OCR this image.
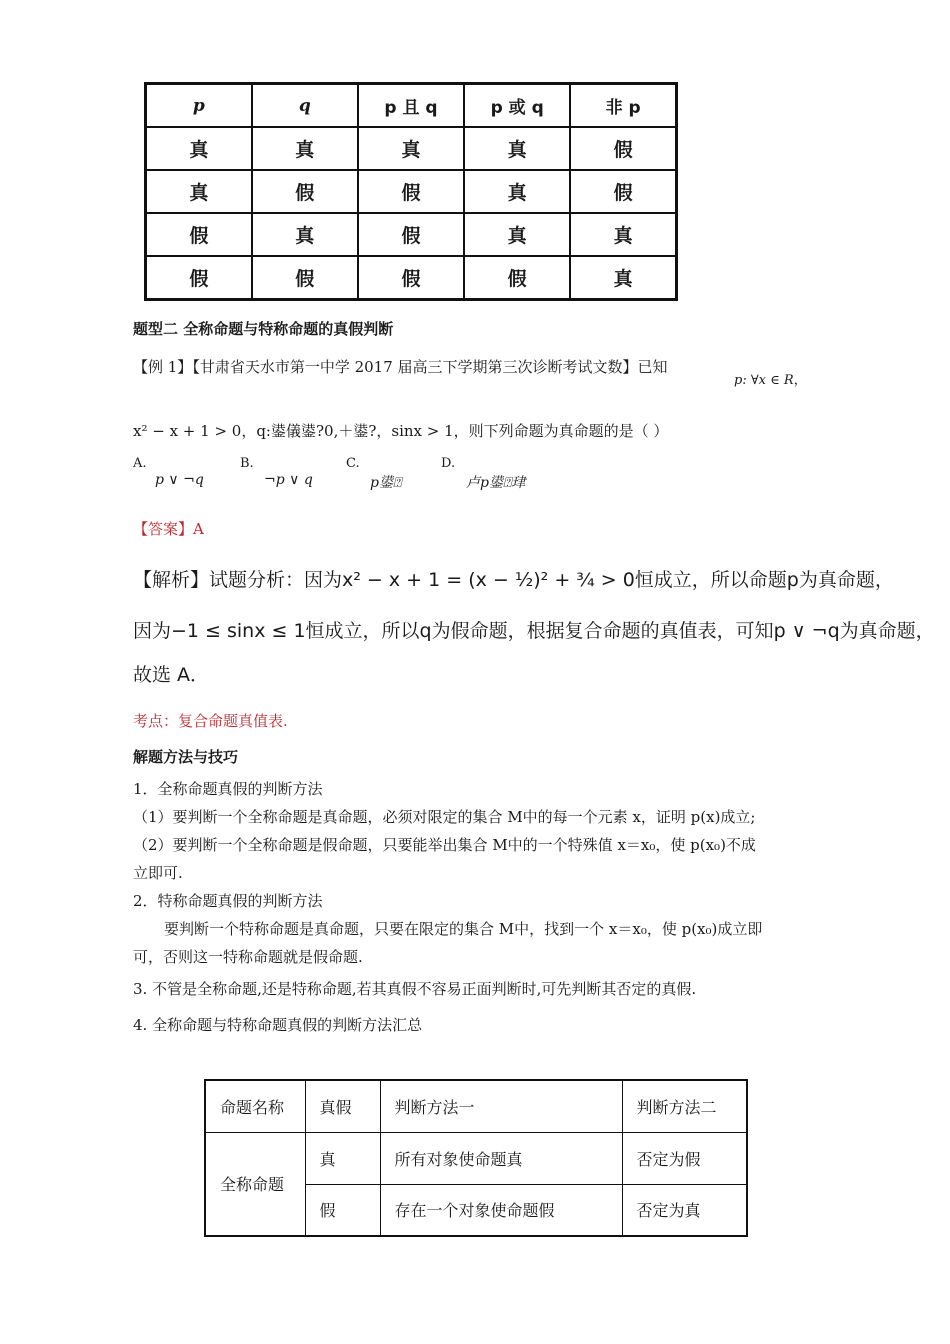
p	q	p 且 q	p 或 q	非 p
真	真	真	真	假
真	假	假	真	假
假	真	假	真	真
假	假	假	假	真
题型二 全称命题与特称命题的真假判断
【例 1】【甘肃省天水市第一中学 2017 届高三下学期第三次诊断考试文数】已知
p: ∀x ∈ R，
x² − x + 1 > 0，q:鍙儀鍙?0,＋鍙?，sinx > 1，则下列命题为真命题的是（ ）
A.	B.	C.	D.
p ∨ ¬q	¬p ∨ q	p鍙⍰	卢p鍙⍰珒
【答案】A
【解析】试题分析：因为x² − x + 1 = (x − ½)² + ¾ > 0恒成立，所以命题p为真命题，
因为−1 ≤ sinx ≤ 1恒成立，所以q为假命题，根据复合命题的真值表，可知p ∨ ¬q为真命题，
故选 A．
考点：复合命题真值表.
解题方法与技巧
1．全称命题真假的判断方法
（1）要判断一个全称命题是真命题，必须对限定的集合 M中的每一个元素 x，证明 p(x)成立;
（2）要判断一个全称命题是假命题，只要能举出集合 M中的一个特殊值 x＝x₀，使 p(x₀)不成
立即可.
2．特称命题真假的判断方法
要判断一个特称命题是真命题，只要在限定的集合 M中，找到一个 x＝x₀，使 p(x₀)成立即
可，否则这一特称命题就是假命题.
3. 不管是全称命题,还是特称命题,若其真假不容易正面判断时,可先判断其否定的真假.
4. 全称命题与特称命题真假的判断方法汇总
命题名称	真假	判断方法一	判断方法二
全称命题	真	所有对象使命题真	否定为假
	假	存在一个对象使命题假	否定为真
